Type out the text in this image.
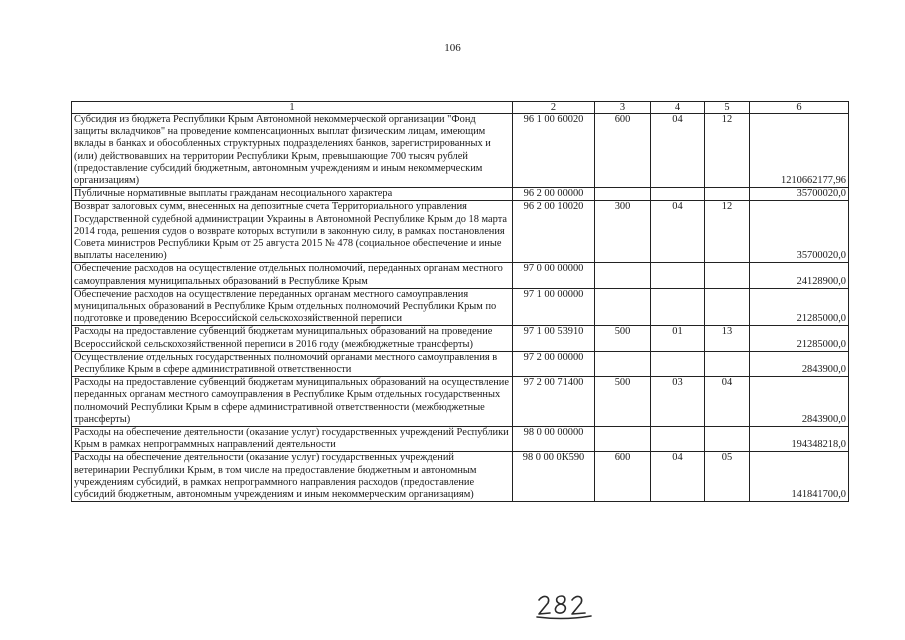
106
1	2	3	4	5	6
Субсидия из бюджета Республики Крым Автономной некоммерческой организации "Фонд защиты вкладчиков" на проведение компенсационных выплат физическим лицам, имеющим вклады в банках и обособленных структурных подразделениях банков, зарегистрированных и (или) действовавших на территории Республики Крым, превышающие 700 тысяч рублей (предоставление субсидий бюджетным, автономным учреждениям и иным некоммерческим организациям)	96 1 00 60020	600	04	12	1210662177,96
Публичные нормативные выплаты гражданам несоциального характера	96 2 00 00000				35700020,0
Возврат залоговых сумм, внесенных на депозитные счета Территориального управления Государственной судебной администрации Украины в Автономной Республике Крым до 18 марта 2014 года, решения судов о возврате которых вступили в законную силу, в рамках постановления Совета министров Республики Крым от 25 августа 2015 № 478 (социальное обеспечение и иные выплаты населению)	96 2 00 10020	300	04	12	35700020,0
Обеспечение расходов на осуществление отдельных полномочий, переданных органам местного самоуправления муниципальных образований в Республике Крым	97 0 00 00000				24128900,0
Обеспечение расходов на осуществление переданных органам местного самоуправления муниципальных образований в Республике Крым отдельных полномочий Республики Крым по подготовке и проведению Всероссийской сельскохозяйственной переписи	97 1 00 00000				21285000,0
Расходы на предоставление субвенций бюджетам муниципальных образований на проведение Всероссийской сельскохозяйственной переписи в 2016 году (межбюджетные трансферты)	97 1 00 53910	500	01	13	21285000,0
Осуществление отдельных государственных полномочий органами местного самоуправления в Республике Крым в сфере административной ответственности	97 2 00 00000				2843900,0
Расходы на предоставление субвенций бюджетам муниципальных образований на осуществление переданных органам местного самоуправления в Республике Крым отдельных государственных полномочий Республики Крым в сфере административной ответственности (межбюджетные трансферты)	97 2 00 71400	500	03	04	2843900,0
Расходы на обеспечение деятельности (оказание услуг) государственных учреждений Республики Крым в рамках непрограммных направлений деятельности	98 0 00 00000				194348218,0
Расходы на обеспечение деятельности (оказание услуг) государственных учреждений ветеринарии Республики Крым, в том числе на предоставление бюджетным и автономным учреждениям субсидий, в рамках непрограммного направления расходов (предоставление субсидий бюджетным, автономным учреждениям и иным некоммерческим организациям)	98 0 00 0К590	600	04	05	141841700,0
